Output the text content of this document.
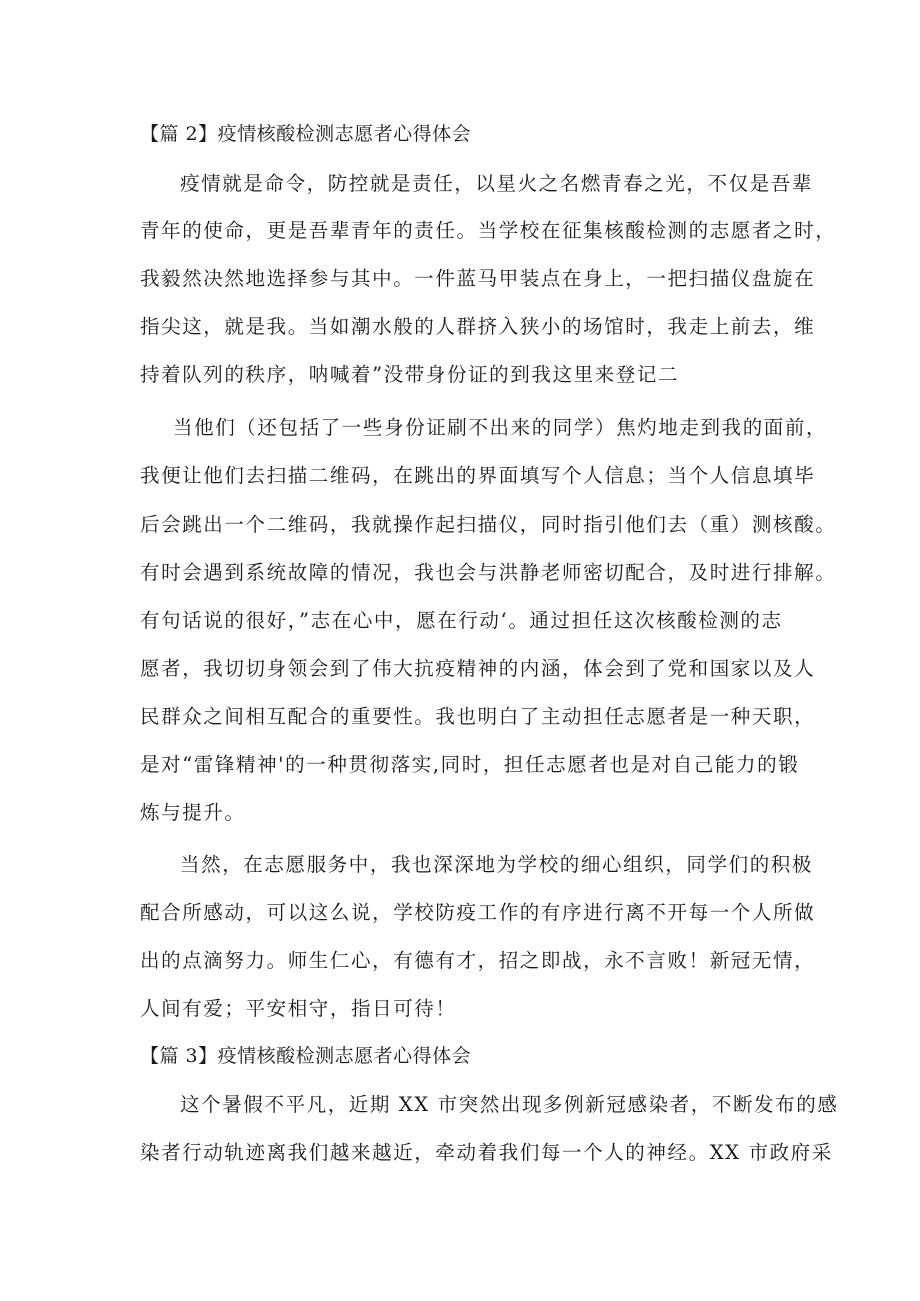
【篇 2】疫情核酸检测志愿者心得体会
疫情就是命令，防控就是责任，以星火之名燃青春之光，不仅是吾辈
青年的使命，更是吾辈青年的责任。当学校在征集核酸检测的志愿者之时，
我毅然决然地选择参与其中。一件蓝马甲装点在身上，一把扫描仪盘旋在
指尖这，就是我。当如潮水般的人群挤入狭小的场馆时，我走上前去，维
持着队列的秩序，呐喊着”没带身份证的到我这里来登记二
当他们（还包括了一些身份证刷不出来的同学）焦灼地走到我的面前，
我便让他们去扫描二维码，在跳出的界面填写个人信息；当个人信息填毕
后会跳出一个二维码，我就操作起扫描仪，同时指引他们去（重）测核酸。
有时会遇到系统故障的情况，我也会与洪静老师密切配合，及时进行排解。
有句话说的很好，”志在心中，愿在行动‘。通过担任这次核酸检测的志
愿者，我切切身领会到了伟大抗疫精神的内涵，体会到了党和国家以及人
民群众之间相互配合的重要性。我也明白了主动担任志愿者是一种天职，
是对“雷锋精神'的一种贯彻落实,同时，担任志愿者也是对自己能力的锻
炼与提升。
当然，在志愿服务中，我也深深地为学校的细心组织，同学们的积极
配合所感动，可以这么说，学校防疫工作的有序进行离不开每一个人所做
出的点滴努力。师生仁心，有德有才，招之即战，永不言败！新冠无情，
人间有爱；平安相守，指日可待！
【篇 3】疫情核酸检测志愿者心得体会
这个暑假不平凡，近期 XX 市突然出现多例新冠感染者，不断发布的感
染者行动轨迹离我们越来越近，牵动着我们每一个人的神经。XX 市政府采
